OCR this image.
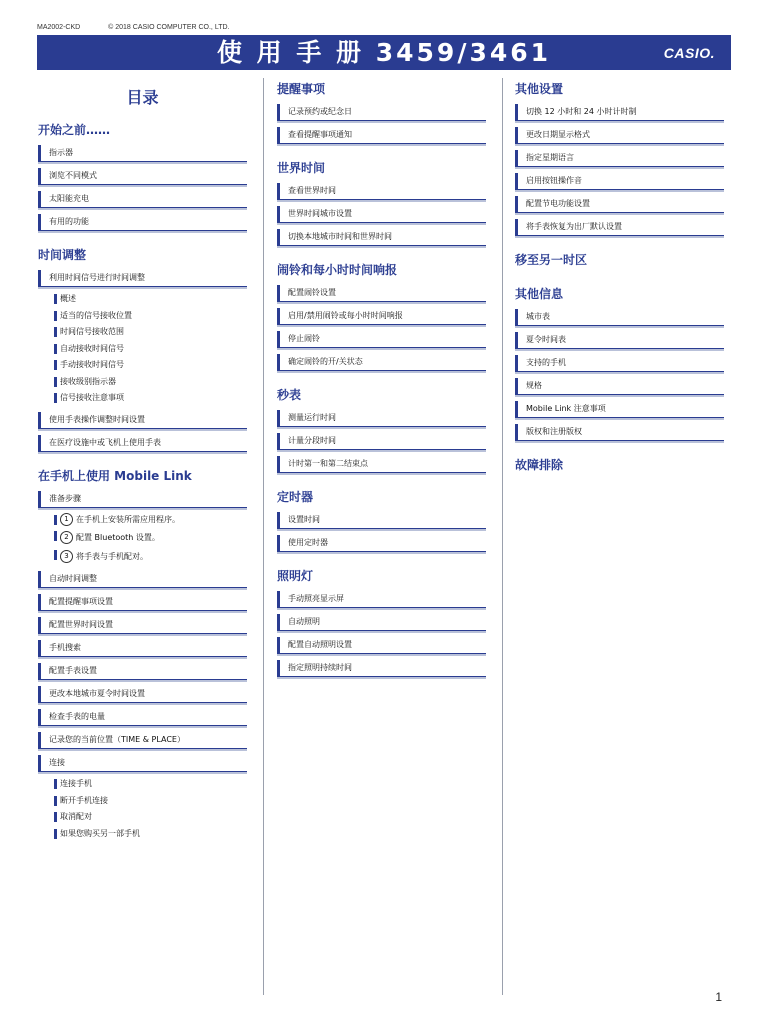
MA2002-CKD	© 2018 CASIO COMPUTER CO., LTD.
使 用 手 册 3459/3461	CASIO.
目录
开始之前……
指示器
浏览不同模式
太阳能充电
有用的功能
时间调整
利用时间信号进行时间调整
概述
适当的信号接收位置
时间信号接收范围
自动接收时间信号
手动接收时间信号
接收级别指示器
信号接收注意事项
使用手表操作调整时间设置
在医疗设施中或飞机上使用手表
在手机上使用 Mobile Link
准备步骤
1 在手机上安装所需应用程序。
2 配置 Bluetooth 设置。
3 将手表与手机配对。
自动时间调整
配置提醒事项设置
配置世界时间设置
手机搜索
配置手表设置
更改本地城市夏令时间设置
检查手表的电量
记录您的当前位置（TIME & PLACE）
连接
连接手机
断开手机连接
取消配对
如果您购买另一部手机
提醒事项
记录预约或纪念日
查看提醒事项通知
世界时间
查看世界时间
世界时间城市设置
切换本地城市时间和世界时间
闹铃和每小时时间响报
配置闹铃设置
启用/禁用闹铃或每小时时间响报
停止闹铃
确定闹铃的开/关状态
秒表
测量运行时间
计量分段时间
计时第一和第二结束点
定时器
设置时间
使用定时器
照明灯
手动照亮显示屏
自动照明
配置自动照明设置
指定照明持续时间
其他设置
切换 12 小时和 24 小时计时制
更改日期显示格式
指定星期语言
启用按钮操作音
配置节电功能设置
将手表恢复为出厂默认设置
移至另一时区
其他信息
城市表
夏令时间表
支持的手机
规格
Mobile Link 注意事项
版权和注册版权
故障排除
1
